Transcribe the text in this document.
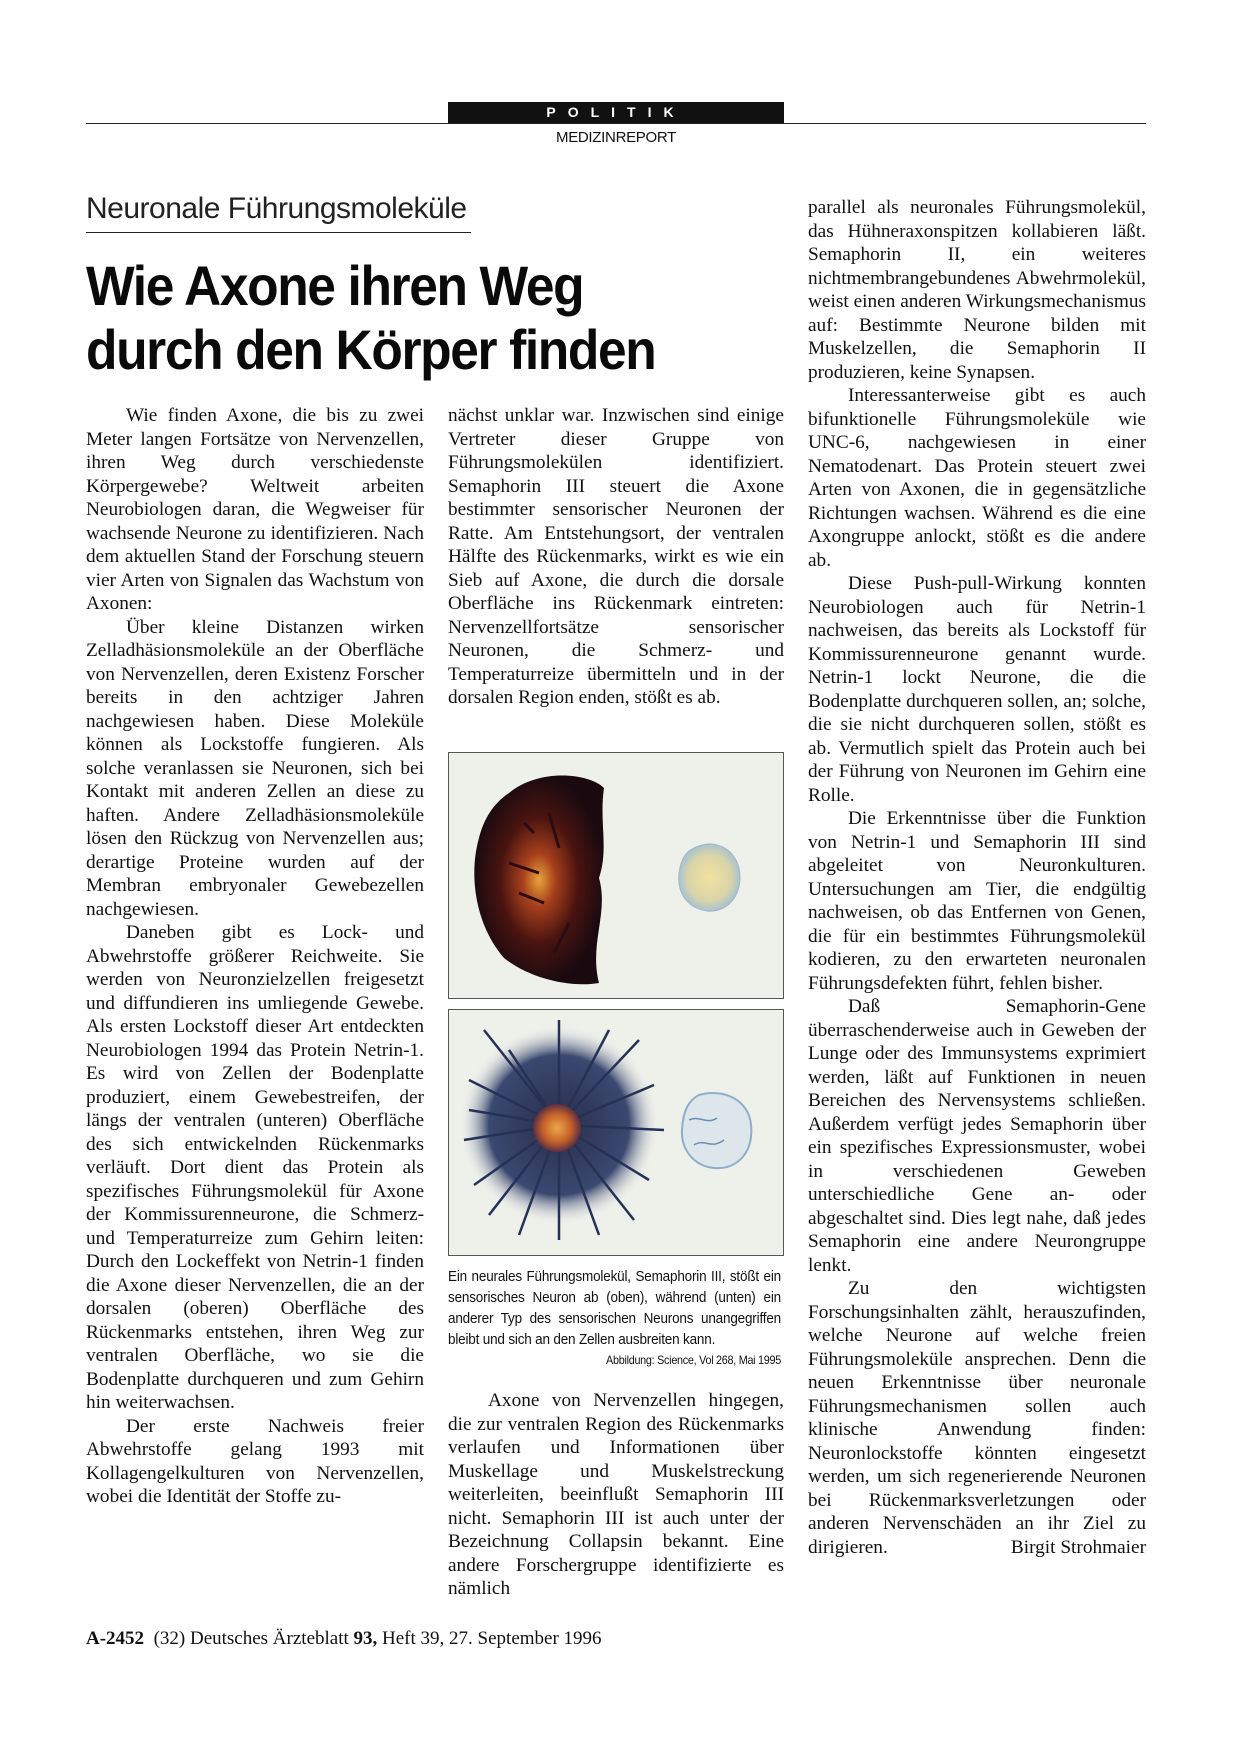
POLITIK
MEDIZINREPORT
Neuronale Führungsmoleküle
Wie Axone ihren Weg
durch den Körper finden

Wie finden Axone, die bis zu zwei Meter langen Fortsätze von Nervenzellen, ihren Weg durch verschiedenste Körpergewebe? Weltweit arbeiten Neurobiologen daran, die Wegweiser für wachsende Neurone zu identifizieren. Nach dem aktuellen Stand der Forschung steuern vier Arten von Signalen das Wachstum von Axonen:

Über kleine Distanzen wirken Zelladhäsionsmoleküle an der Oberfläche von Nervenzellen, deren Existenz Forscher bereits in den achtziger Jahren nachgewiesen haben. Diese Moleküle können als Lockstoffe fungieren. Als solche veranlassen sie Neuronen, sich bei Kontakt mit anderen Zellen an diese zu haften. Andere Zelladhäsionsmoleküle lösen den Rückzug von Nervenzellen aus; derartige Proteine wurden auf der Membran embryonaler Gewebezellen nachgewiesen.

Daneben gibt es Lock- und Abwehrstoffe größerer Reichweite. Sie werden von Neuronzielzellen freigesetzt und diffundieren ins umliegende Gewebe. Als ersten Lockstoff dieser Art entdeckten Neurobiologen 1994 das Protein Netrin-1. Es wird von Zellen der Bodenplatte produziert, einem Gewebestreifen, der längs der ventralen (unteren) Oberfläche des sich entwickelnden Rückenmarks verläuft. Dort dient das Protein als spezifisches Führungsmolekül für Axone der Kommissurenneurone, die Schmerz- und Temperaturreize zum Gehirn leiten: Durch den Lockeffekt von Netrin-1 finden die Axone dieser Nervenzellen, die an der dorsalen (oberen) Oberfläche des Rückenmarks entstehen, ihren Weg zur ventralen Oberfläche, wo sie die Bodenplatte durchqueren und zum Gehirn hin weiterwachsen.

Der erste Nachweis freier Abwehrstoffe gelang 1993 mit Kollagengelkulturen von Nervenzellen, wobei die Identität der Stoffe zu-

nächst unklar war. Inzwischen sind einige Vertreter dieser Gruppe von Führungsmolekülen identifiziert. Semaphorin III steuert die Axone bestimmter sensorischer Neuronen der Ratte. Am Entstehungsort, der ventralen Hälfte des Rückenmarks, wirkt es wie ein Sieb auf Axone, die durch die dorsale Oberfläche ins Rückenmark eintreten: Nervenzellfortsätze sensorischer Neuronen, die Schmerz- und Temperaturreize übermitteln und in der dorsalen Region enden, stößt es ab.

Ein neurales Führungsmolekül, Semaphorin III, stößt ein sensorisches Neuron ab (oben), während (unten) ein anderer Typ des sensorischen Neurons unangegriffen bleibt und sich an den Zellen ausbreiten kann.
Abbildung: Science, Vol 268, Mai 1995

Axone von Nervenzellen hingegen, die zur ventralen Region des Rückenmarks verlaufen und Informationen über Muskellage und Muskelstreckung weiterleiten, beeinflußt Semaphorin III nicht. Semaphorin III ist auch unter der Bezeichnung Collapsin bekannt. Eine andere Forschergruppe identifizierte es nämlich

parallel als neuronales Führungsmolekül, das Hühneraxonspitzen kollabieren läßt. Semaphorin II, ein weiteres nichtmembrangebundenes Abwehrmolekül, weist einen anderen Wirkungsmechanismus auf: Bestimmte Neurone bilden mit Muskelzellen, die Semaphorin II produzieren, keine Synapsen.

Interessanterweise gibt es auch bifunktionelle Führungsmoleküle wie UNC-6, nachgewiesen in einer Nematodenart. Das Protein steuert zwei Arten von Axonen, die in gegensätzliche Richtungen wachsen. Während es die eine Axongruppe anlockt, stößt es die andere ab.

Diese Push-pull-Wirkung konnten Neurobiologen auch für Netrin-1 nachweisen, das bereits als Lockstoff für Kommissurenneurone genannt wurde. Netrin-1 lockt Neurone, die die Bodenplatte durchqueren sollen, an; solche, die sie nicht durchqueren sollen, stößt es ab. Vermutlich spielt das Protein auch bei der Führung von Neuronen im Gehirn eine Rolle.

Die Erkenntnisse über die Funktion von Netrin-1 und Semaphorin III sind abgeleitet von Neuronkulturen. Untersuchungen am Tier, die endgültig nachweisen, ob das Entfernen von Genen, die für ein bestimmtes Führungsmolekül kodieren, zu den erwarteten neuronalen Führungsdefekten führt, fehlen bisher.

Daß Semaphorin-Gene überraschenderweise auch in Geweben der Lunge oder des Immunsystems exprimiert werden, läßt auf Funktionen in neuen Bereichen des Nervensystems schließen. Außerdem verfügt jedes Semaphorin über ein spezifisches Expressionsmuster, wobei in verschiedenen Geweben unterschiedliche Gene an- oder abgeschaltet sind. Dies legt nahe, daß jedes Semaphorin eine andere Neurongruppe lenkt.

Zu den wichtigsten Forschungsinhalten zählt, herauszufinden, welche Neurone auf welche freien Führungsmoleküle ansprechen. Denn die neuen Erkenntnisse über neuronale Führungsmechanismen sollen auch klinische Anwendung finden: Neuronlockstoffe könnten eingesetzt werden, um sich regenerierende Neuronen bei Rückenmarksverletzungen oder anderen Nervenschäden an ihr Ziel zu dirigieren.	Birgit Strohmaier

A-2452 (32) Deutsches Ärzteblatt 93, Heft 39, 27. September 1996
